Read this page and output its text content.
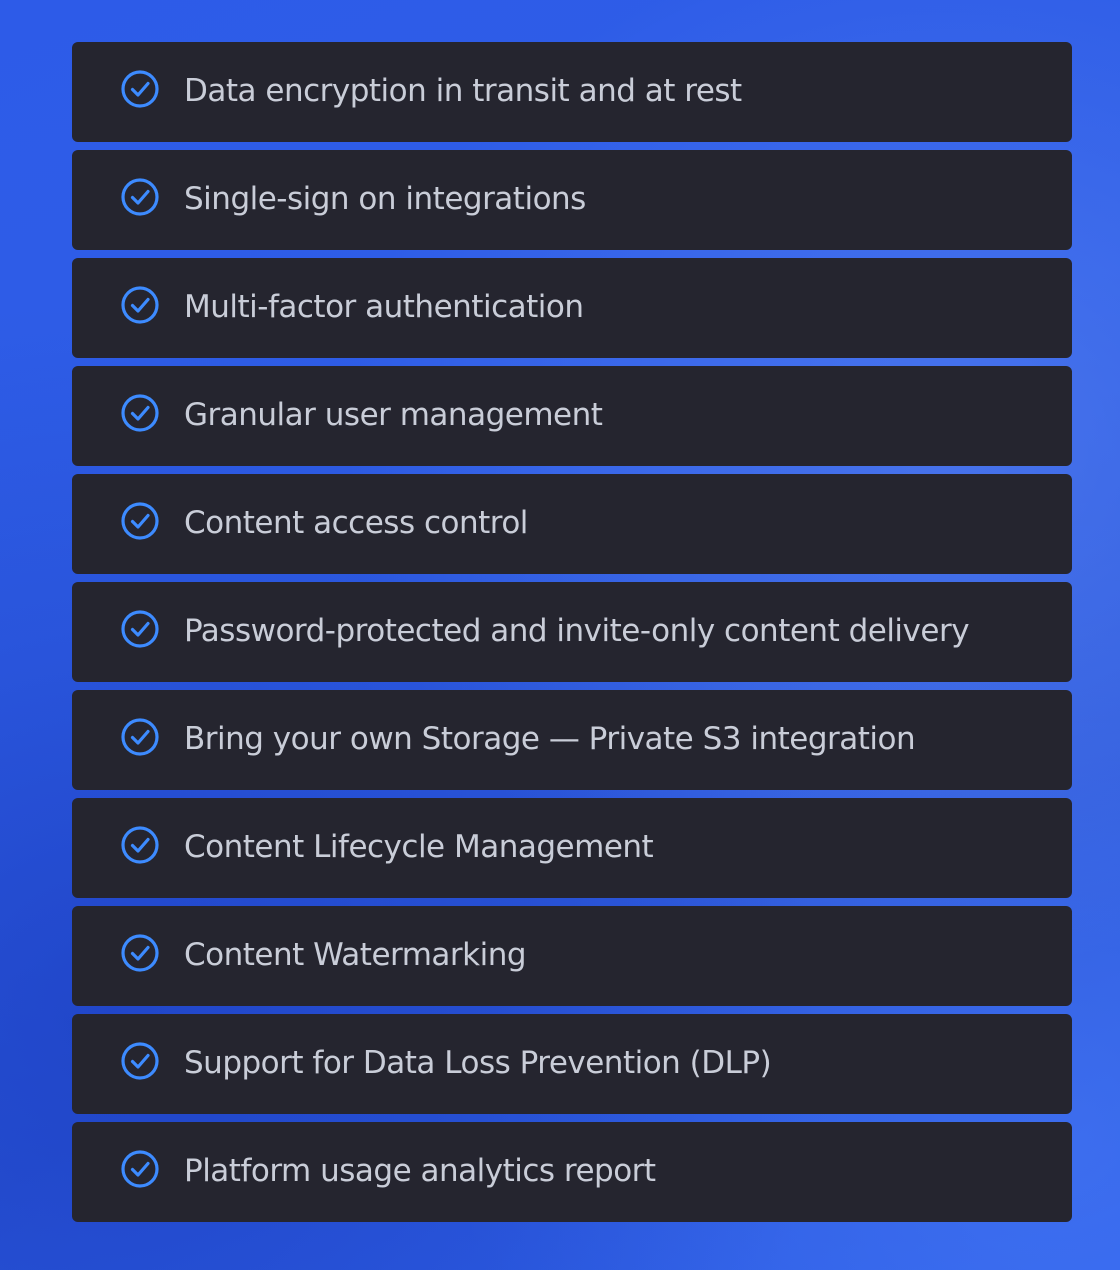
Data encryption in transit and at rest
Single-sign on integrations
Multi-factor authentication
Granular user management
Content access control
Password-protected and invite-only content delivery
Bring your own Storage — Private S3 integration
Content Lifecycle Management
Content Watermarking
Support for Data Loss Prevention (DLP)
Platform usage analytics report
